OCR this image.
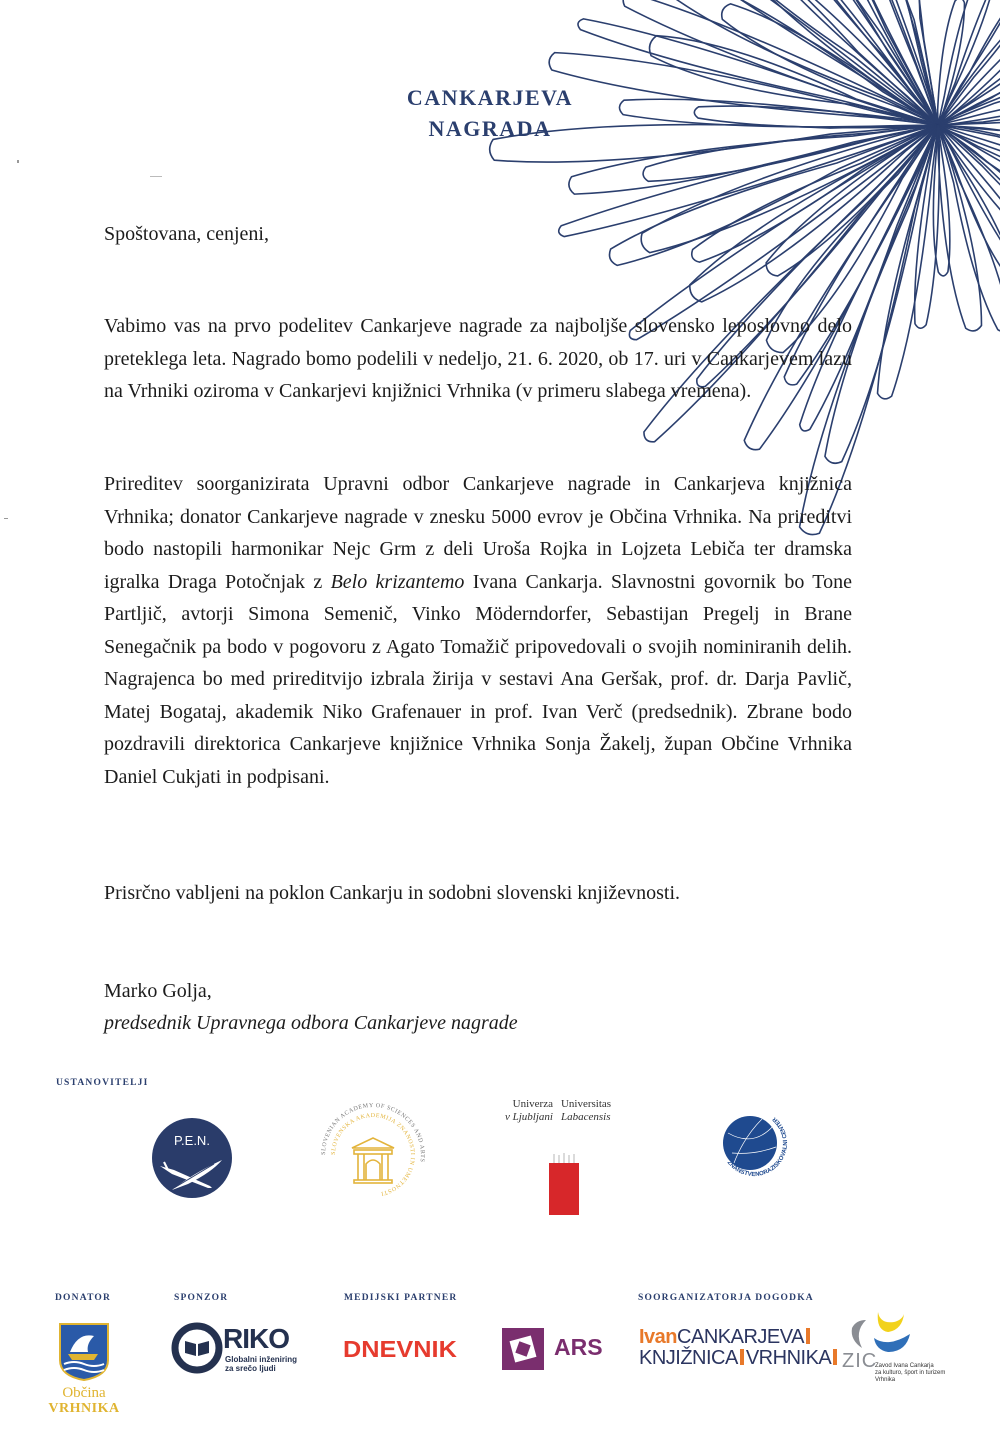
CANKARJEVA
NAGRADA
Spoštovana, cenjeni,
Vabimo vas na prvo podelitev Cankarjeve nagrade za najboljše slovensko leposlovno delo preteklega leta. Nagrado bomo podelili v nedeljo, 21. 6. 2020, ob 17. uri v Cankarjevem lazu na Vrhniki oziroma v Cankarjevi knjižnici Vrhnika (v primeru slabega vremena).
Prireditev soorganizirata Upravni odbor Cankarjeve nagrade in Cankarjeva knjižnica Vrhnika; donator Cankarjeve nagrade v znesku 5000 evrov je Občina Vrhnika. Na prireditvi bodo nastopili harmonikar Nejc Grm z deli Uroša Rojka in Lojzeta Lebiča ter dramska igralka Draga Potočnjak z Belo krizantemo Ivana Cankarja. Slavnostni govornik bo Tone Partljič, avtorji Simona Semenič, Vinko Möderndorfer, Sebastijan Pregelj in Brane Senegačnik pa bodo v pogovoru z Agato Tomažič pripovedovali o svojih nominiranih delih. Nagrajenca bo med prireditvijo izbrala žirija v sestavi Ana Geršak, prof. dr. Darja Pavlič, Matej Bogataj, akademik Niko Grafenauer in prof. Ivan Verč (predsednik). Zbrane bodo pozdravili direktorica Cankarjeve knjižnice Vrhnika Sonja Žakelj, župan Občine Vrhnika Daniel Cukjati in podpisani.
Prisrčno vabljeni na poklon Cankarju in sodobni slovenski književnosti.
Marko Golja,
predsednik Upravnega odbora Cankarjeve nagrade
USTANOVITELJI
P.E.N.
SLOVENIAN ACADEMY OF SCIENCES AND ARTS
SLOVENSKA AKADEMIJA ZNANOSTI IN UMETNOSTI
Univerza
v Ljubljani
Universitas
Labacensis
ZNANSTVENORAZISKOVALNI CENTER
DONATOR	SPONZOR	MEDIJSKI PARTNER	SOORGANIZATORJA DOGODKA
Občina
VRHNIKA
RIKO
Globalni inženiring
za srečo ljudi
DNEVNIK	ARS IvanCANKARJEVA
KNJIŽNICA VRHNIKA ZIC
Zavod Ivana Cankarja
za kulturo, šport in turizem
Vrhnika
